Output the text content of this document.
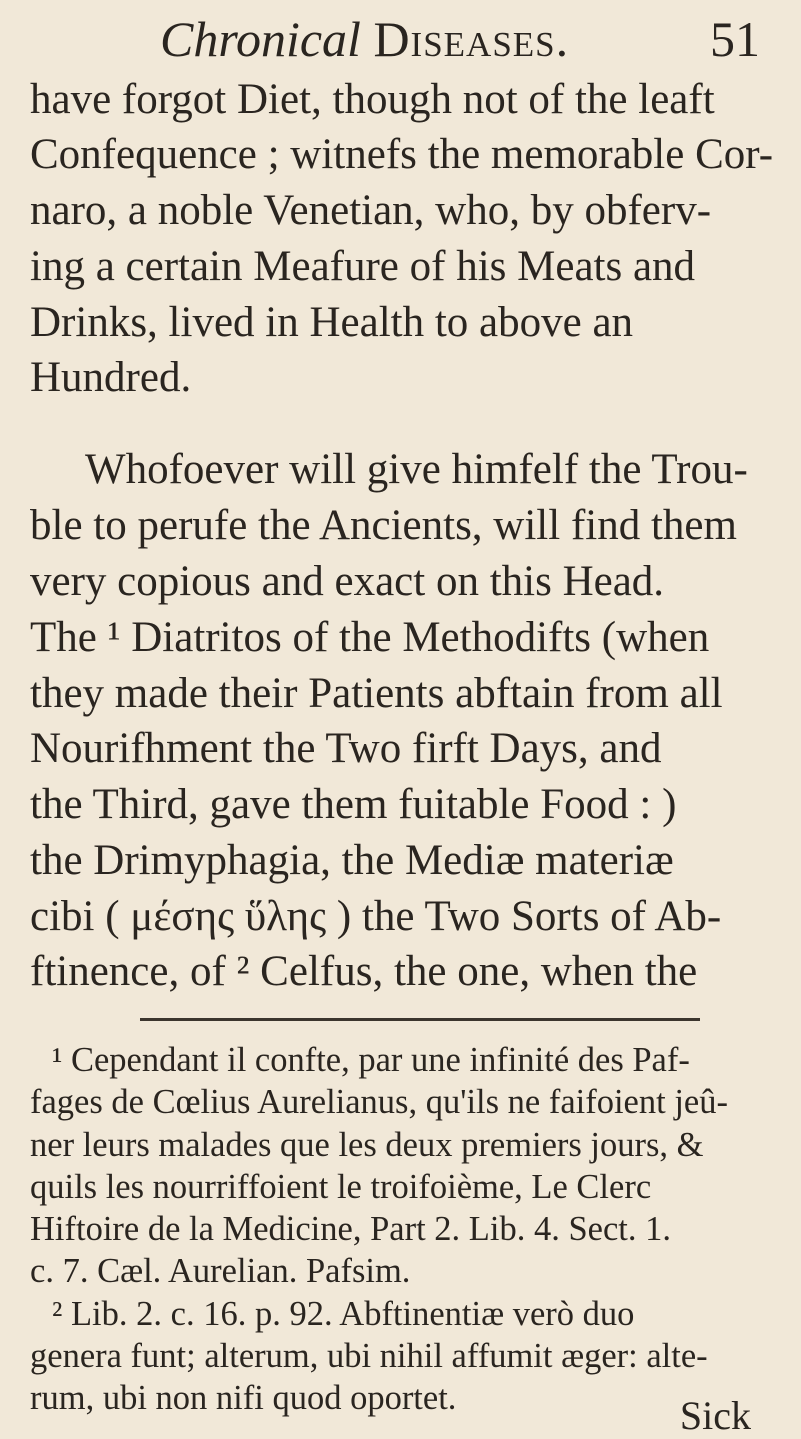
Chronical Diseases.	51
have forgot Diet, though not of the leaft
Confequence ; witnefs the memorable Cor-
naro, a noble Venetian, who, by obferv-
ing a certain Meafure of his Meats and
Drinks, lived in Health to above an
Hundred.
Whofoever will give himfelf the Trou-
ble to perufe the Ancients, will find them
very copious and exact on this Head.
The ¹ Diatritos of the Methodifts (when
they made their Patients abftain from all
Nourifhment the Two firft Days, and
the Third, gave them fuitable Food : )
the Drimyphagia, the Mediæ materiæ
cibi ( μέσης ὕλης ) the Two Sorts of Ab-
ftinence, of ² Celfus, the one, when the
¹ Cependant il confte, par une infinité des Paf-
fages de Cœlius Aurelianus, qu'ils ne faifoient jeû-
ner leurs malades que les deux premiers jours, &
quils les nourriffoient le troifoième, Le Clerc
Hiftoire de la Medicine, Part 2. Lib. 4. Sect. 1.
c. 7. Cæl. Aurelian. Pafsim.
² Lib. 2. c. 16. p. 92. Abftinentiæ verò duo
genera funt; alterum, ubi nihil affumit æger: alte-
rum, ubi non nifi quod oportet.	Sick
